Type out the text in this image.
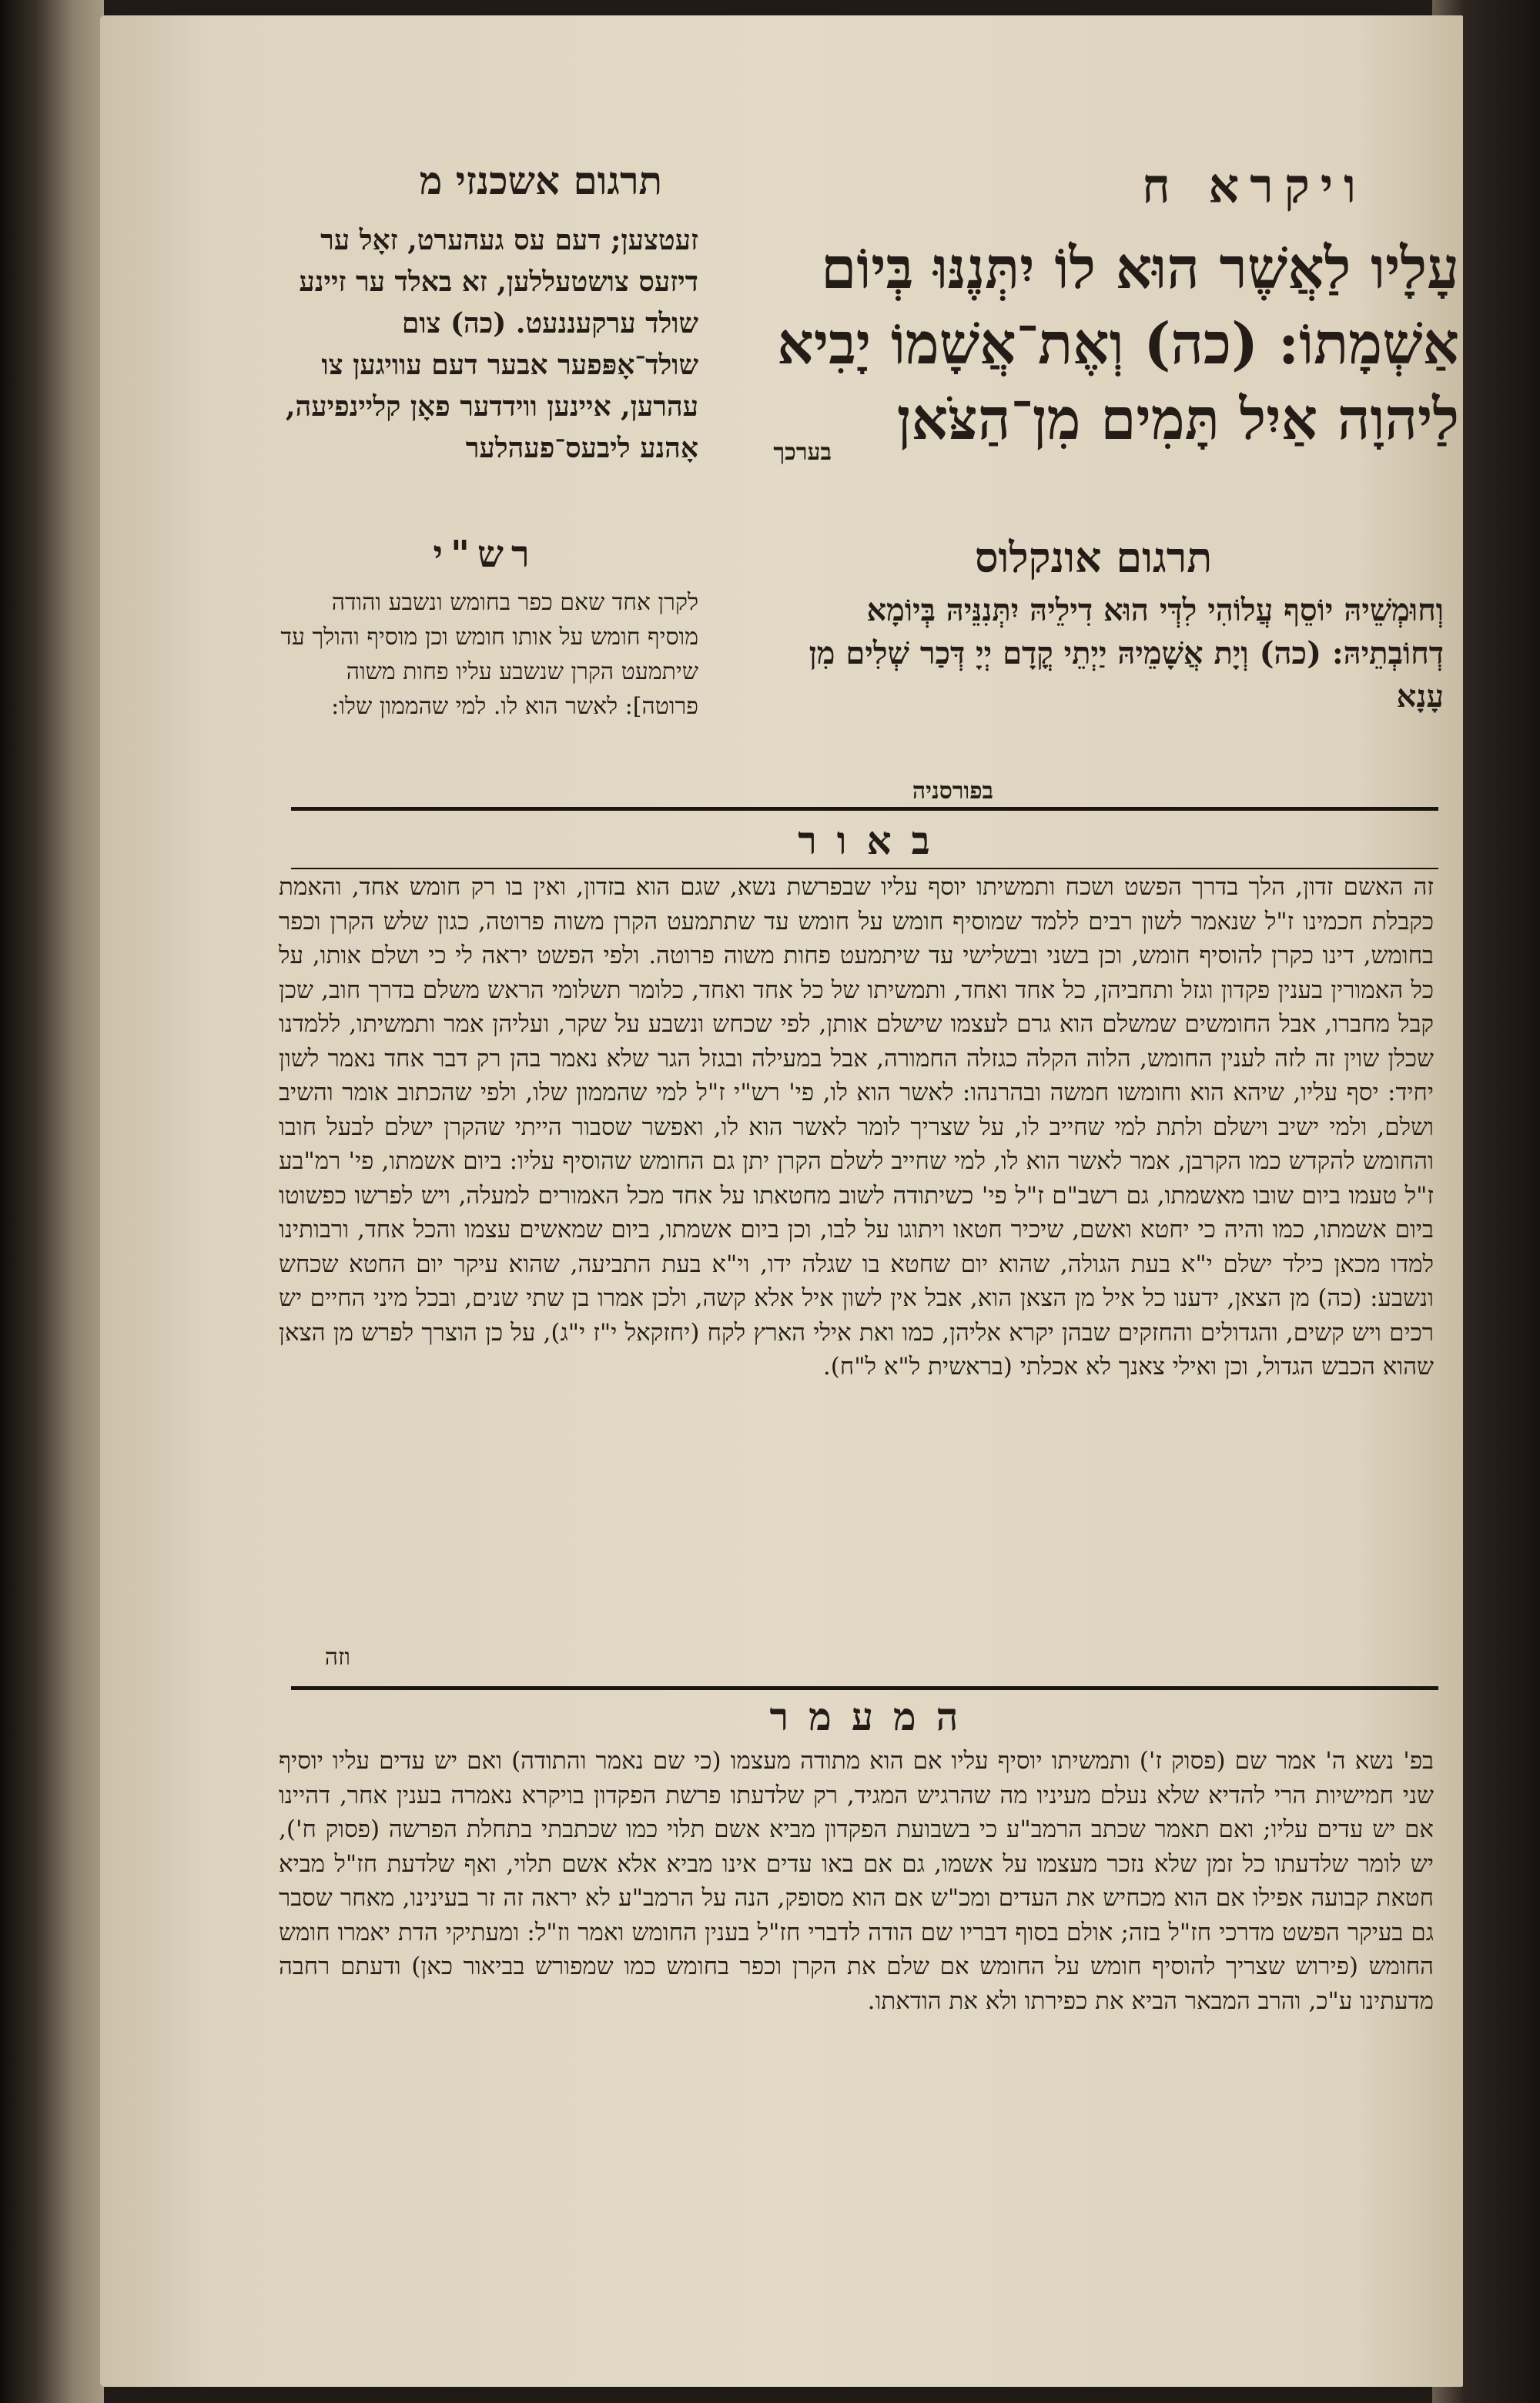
ויקרא ח
תרגום אשכנזי מ
עָלָיו לַאֲשֶׁר הוּא לוֹ יִתְּנֶנּוּ בְּיוֹם אַשְׁמָתוֹ: (כה) וְאֶת־אֲשָׁמוֹ יָבִיא לַיהוָה אַיִל תָּמִים מִן־הַצֹּאן
בערכך
זעטצען; דעם עס געהערט, זאָל ער דיזעס צושטעללען, זא באלד ער זיינע שולד ערקעננעט. (כה) צום שולד־אָפּפער אבער דעם עוויגען צו עהרען, איינען ווידדער פאָן קליינפיעה, אָהנע ליבעס־פעהלער
תרגום אונקלוס
וְחוּמְשֵׁיהּ יוֹסֵף עֲלוֹהִי לִדְּי הוּא דִילֵיהּ יִתְּנִנֵּיהּ בְּיוֹמָא דְחוֹבְתֵיהּ: (כה) וְיָת אֲשָׁמֵיהּ יַיְתֵי קֳדָם יְיָ דְּכַר שְׁלִים מִן עָנָא
בפורסניה
רש"י
לקרן אחד שאם כפר בחומש ונשבע והודה מוסיף חומש על אותו חומש וכן מוסיף והולך עד שיתמעט הקרן שנשבע עליו פחות משוה פרוטה]: לאשר הוא לו. למי שהממון שלו:
באור
זה האשם זדון, הלך בדרך הפשט ושכח ותמשיתו יוסף עליו שבפרשת נשא, שגם הוא בזדון, ואין בו רק חומש אחד, והאמת כקבלת חכמינו ז"ל שנאמר לשון רבים ללמד שמוסיף חומש על חומש עד שתתמעט הקרן משוה פרוטה, כגון שלש הקרן וכפר בחומש, דינו כקרן להוסיף חומש, וכן בשני ובשלישי עד שיתמעט פחות משוה פרוטה. ולפי הפשט יראה לי כי ושלם אותו, על כל האמורין בענין פקדון וגזל ותחביהן, כל אחד ואחד, ותמשיתו של כל אחד ואחד, כלומר תשלומי הראש משלם בדרך חוב, שכן קבל מחברו, אבל החומשים שמשלם הוא גרם לעצמו שישלם אותן, לפי שכחש ונשבע על שקר, ועליהן אמר ותמשיתו, ללמדנו שכלן שוין זה לזה לענין החומש, הלוה הקלה כגזלה החמורה, אבל במעילה ובגזל הגר שלא נאמר בהן רק דבר אחד נאמר לשון יחיד: יסף עליו, שיהא הוא וחומשו חמשה ובהרנהו: לאשר הוא לו, פי' רש"י ז"ל למי שהממון שלו, ולפי שהכתוב אומר והשיב ושלם, ולמי ישיב וישלם ולתת למי שחייב לו, על שצריך לומר לאשר הוא לו, ואפשר שסבור הייתי שהקרן ישלם לבעל חובו והחומש להקדש כמו הקרבן, אמר לאשר הוא לו, למי שחייב לשלם הקרן יתן גם החומש שהוסיף עליו: ביום אשמתו, פי' רמ"בע ז"ל טעמו ביום שובו מאשמתו, גם רשב"ם ז"ל פי' כשיתודה לשוב מחטאתו על אחד מכל האמורים למעלה, ויש לפרשו כפשוטו ביום אשמתו, כמו והיה כי יחטא ואשם, שיכיר חטאו ויתוגו על לבו, וכן ביום אשמתו, ביום שמאשים עצמו והכל אחד, ורבותינו למדו מכאן כילד ישלם י"א בעת הגולה, שהוא יום שחטא בו שגלה ידו, וי"א בעת התביעה, שהוא עיקר יום החטא שכחש ונשבע: (כה) מן הצאן, ידענו כל איל מן הצאן הוא, אבל אין לשון איל אלא קשה, ולכן אמרו בן שתי שנים, ובכל מיני החיים יש רכים ויש קשים, והגדולים והחזקים שבהן יקרא אליהן, כמו ואת אילי הארץ לקח (יחזקאל י"ז י"ג), על כן הוצרך לפרש מן הצאן שהוא הכבש הגדול, וכן ואילי צאנך לא אכלתי (בראשית ל"א ל"ח).
וזה
המעמר
בפ' נשא ה' אמר שם (פסוק ז') ותמשיתו יוסיף עליו אם הוא מתודה מעצמו (כי שם נאמר והתודה) ואם יש עדים עליו יוסיף שני חמישיות הרי להדיא שלא נעלם מעיניו מה שהרגיש המגיד, רק שלדעתו פרשת הפקדון בויקרא נאמרה בענין אחר, דהיינו אם יש עדים עליו; ואם תאמר שכתב הרמב"ע כי בשבועת הפקדון מביא אשם תלוי כמו שכתבתי בתחלת הפרשה (פסוק ח'), יש לומר שלדעתו כל זמן שלא נזכר מעצמו על אשמו, גם אם באו עדים אינו מביא אלא אשם תלוי, ואף שלדעת חז"ל מביא חטאת קבועה אפילו אם הוא מכחיש את העדים ומכ"ש אם הוא מסופק, הנה על הרמב"ע לא יראה זה זר בעינינו, מאחר שסבר גם בעיקר הפשט מדרכי חז"ל בזה; אולם בסוף דבריו שם הודה לדברי חז"ל בענין החומש ואמר וז"ל: ומעתיקי הדת יאמרו חומש החומש (פירוש שצריך להוסיף חומש על החומש אם שלם את הקרן וכפר בחומש כמו שמפורש בביאור כאן) ודעתם רחבה מדעתינו ע"כ, והרב המבאר הביא את כפירתו ולא את הודאתו.
